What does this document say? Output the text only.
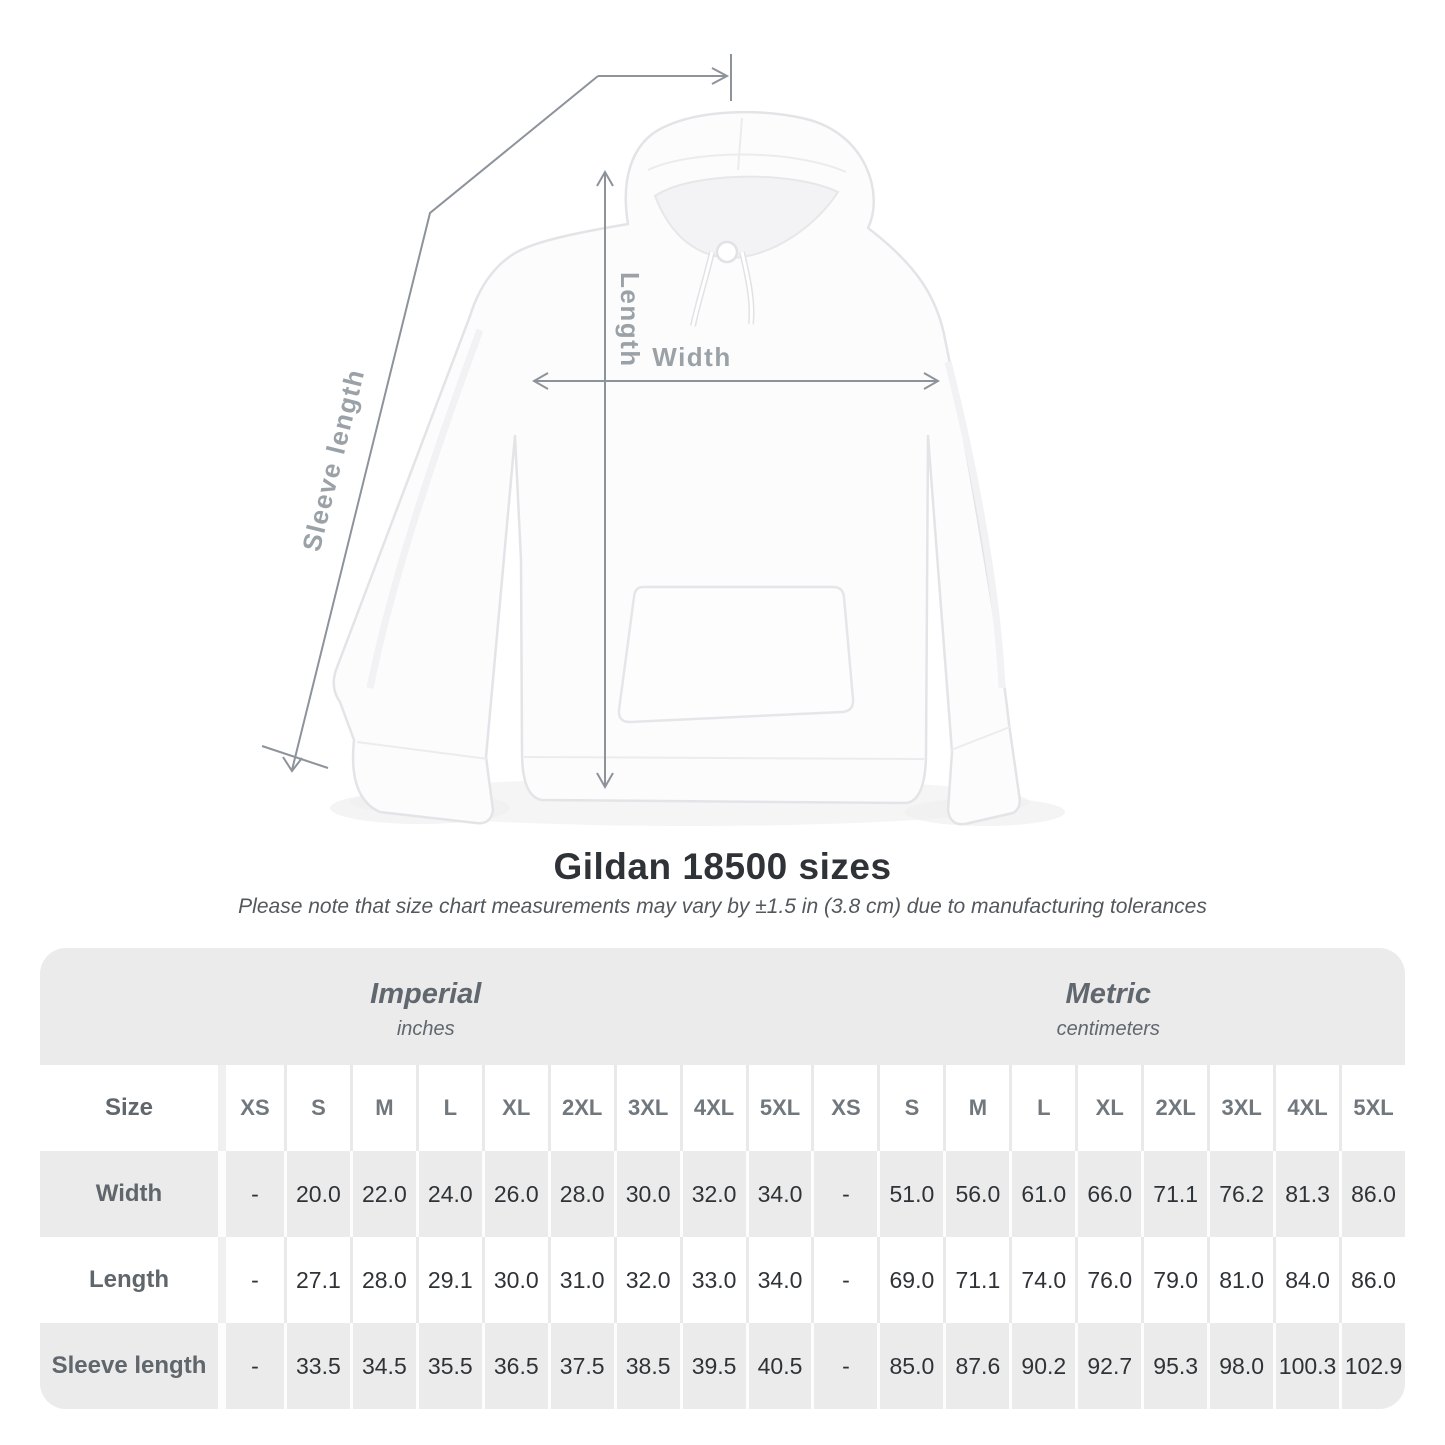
Length Width
Sleeve length
Gildan 18500 sizes
Please note that size chart measurements may vary by ±1.5 in (3.8 cm) due to manufacturing tolerances
Imperial
inches
Metric
centimeters
Size	XS	S	M	L	XL	2XL	3XL	4XL	5XL	XS	S	M	L	XL	2XL	3XL	4XL	5XL
Width	-	20.0 22.0 24.0 26.0 28.0 30.0 32.0 34.0	-	51.0 56.0 61.0 66.0 71.1 76.2 81.3 86.0
Length	-	27.1 28.0 29.1 30.0 31.0 32.0 33.0 34.0	-	69.0 71.1 74.0 76.0 79.0 81.0 84.0 86.0
Sleeve length	-	33.5 34.5 35.5 36.5 37.5 38.5 39.5 40.5	-	85.0 87.6 90.2 92.7 95.3 98.0 100.3 102.9
